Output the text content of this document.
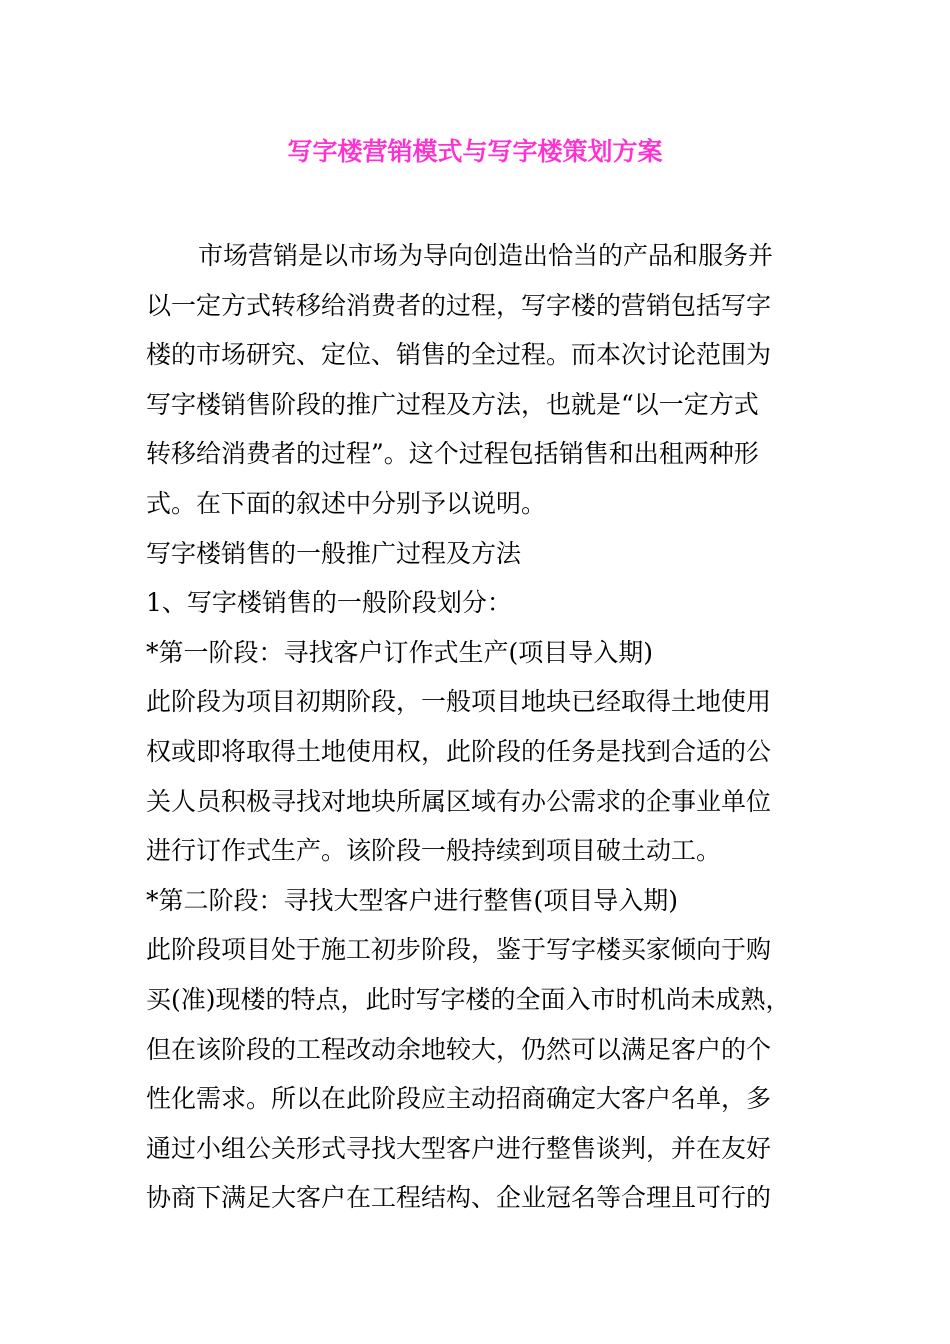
写字楼营销模式与写字楼策划方案
市场营销是以市场为导向创造出恰当的产品和服务并
以一定方式转移给消费者的过程，写字楼的营销包括写字
楼的市场研究、定位、销售的全过程。而本次讨论范围为
写字楼销售阶段的推广过程及方法，也就是“以一定方式
转移给消费者的过程”。这个过程包括销售和出租两种形
式。在下面的叙述中分别予以说明。
写字楼销售的一般推广过程及方法
1、写字楼销售的一般阶段划分：
*第一阶段：寻找客户订作式生产(项目导入期)
此阶段为项目初期阶段，一般项目地块已经取得土地使用
权或即将取得土地使用权，此阶段的任务是找到合适的公
关人员积极寻找对地块所属区域有办公需求的企事业单位
进行订作式生产。该阶段一般持续到项目破土动工。
*第二阶段：寻找大型客户进行整售(项目导入期)
此阶段项目处于施工初步阶段，鉴于写字楼买家倾向于购
买(准)现楼的特点，此时写字楼的全面入市时机尚未成熟，
但在该阶段的工程改动余地较大，仍然可以满足客户的个
性化需求。所以在此阶段应主动招商确定大客户名单，多
通过小组公关形式寻找大型客户进行整售谈判，并在友好
协商下满足大客户在工程结构、企业冠名等合理且可行的
